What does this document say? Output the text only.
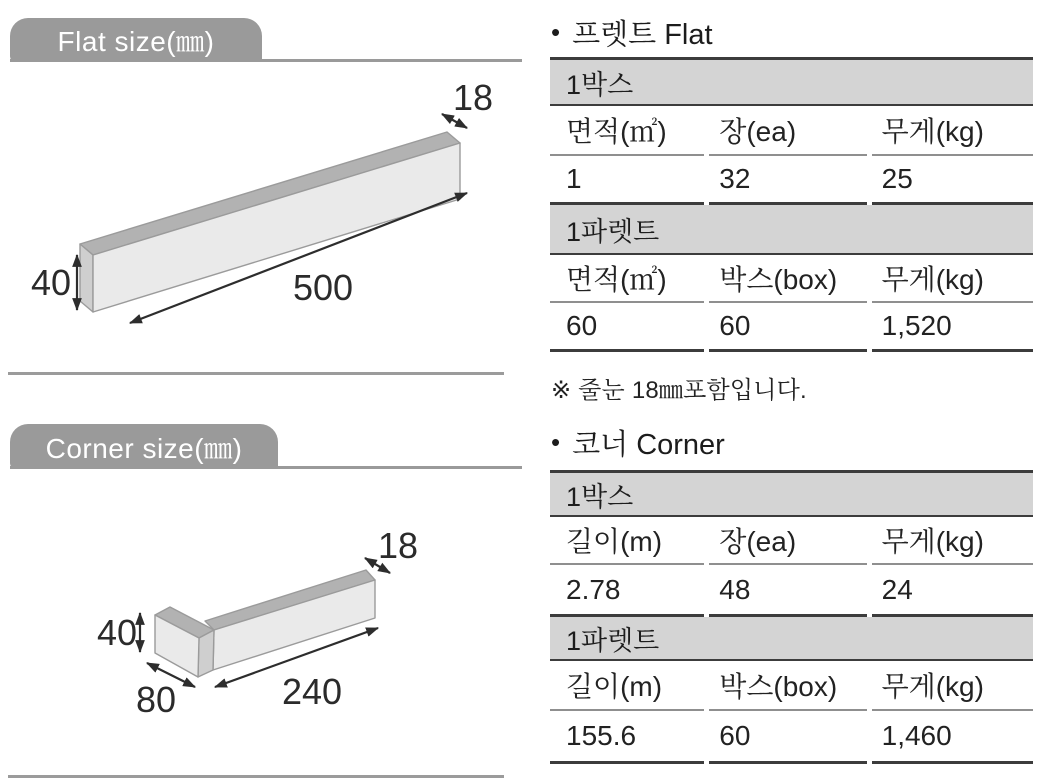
Flat size(㎜)
18
500
40
Corner size(㎜)
18
40
80	240
• 프렛트 Flat
1박스
면적(㎡)	장(ea)	무게(kg)
1	32	25
1파렛트
면적(㎡)	박스(box)	무게(kg)
60	60	1,520
※ 줄눈 18㎜포함입니다.
• 코너 Corner
1박스
길이(m)	장(ea)	무게(kg)
2.78	48	24
1파렛트
길이(m)	박스(box)	무게(kg)
155.6	60	1,460
